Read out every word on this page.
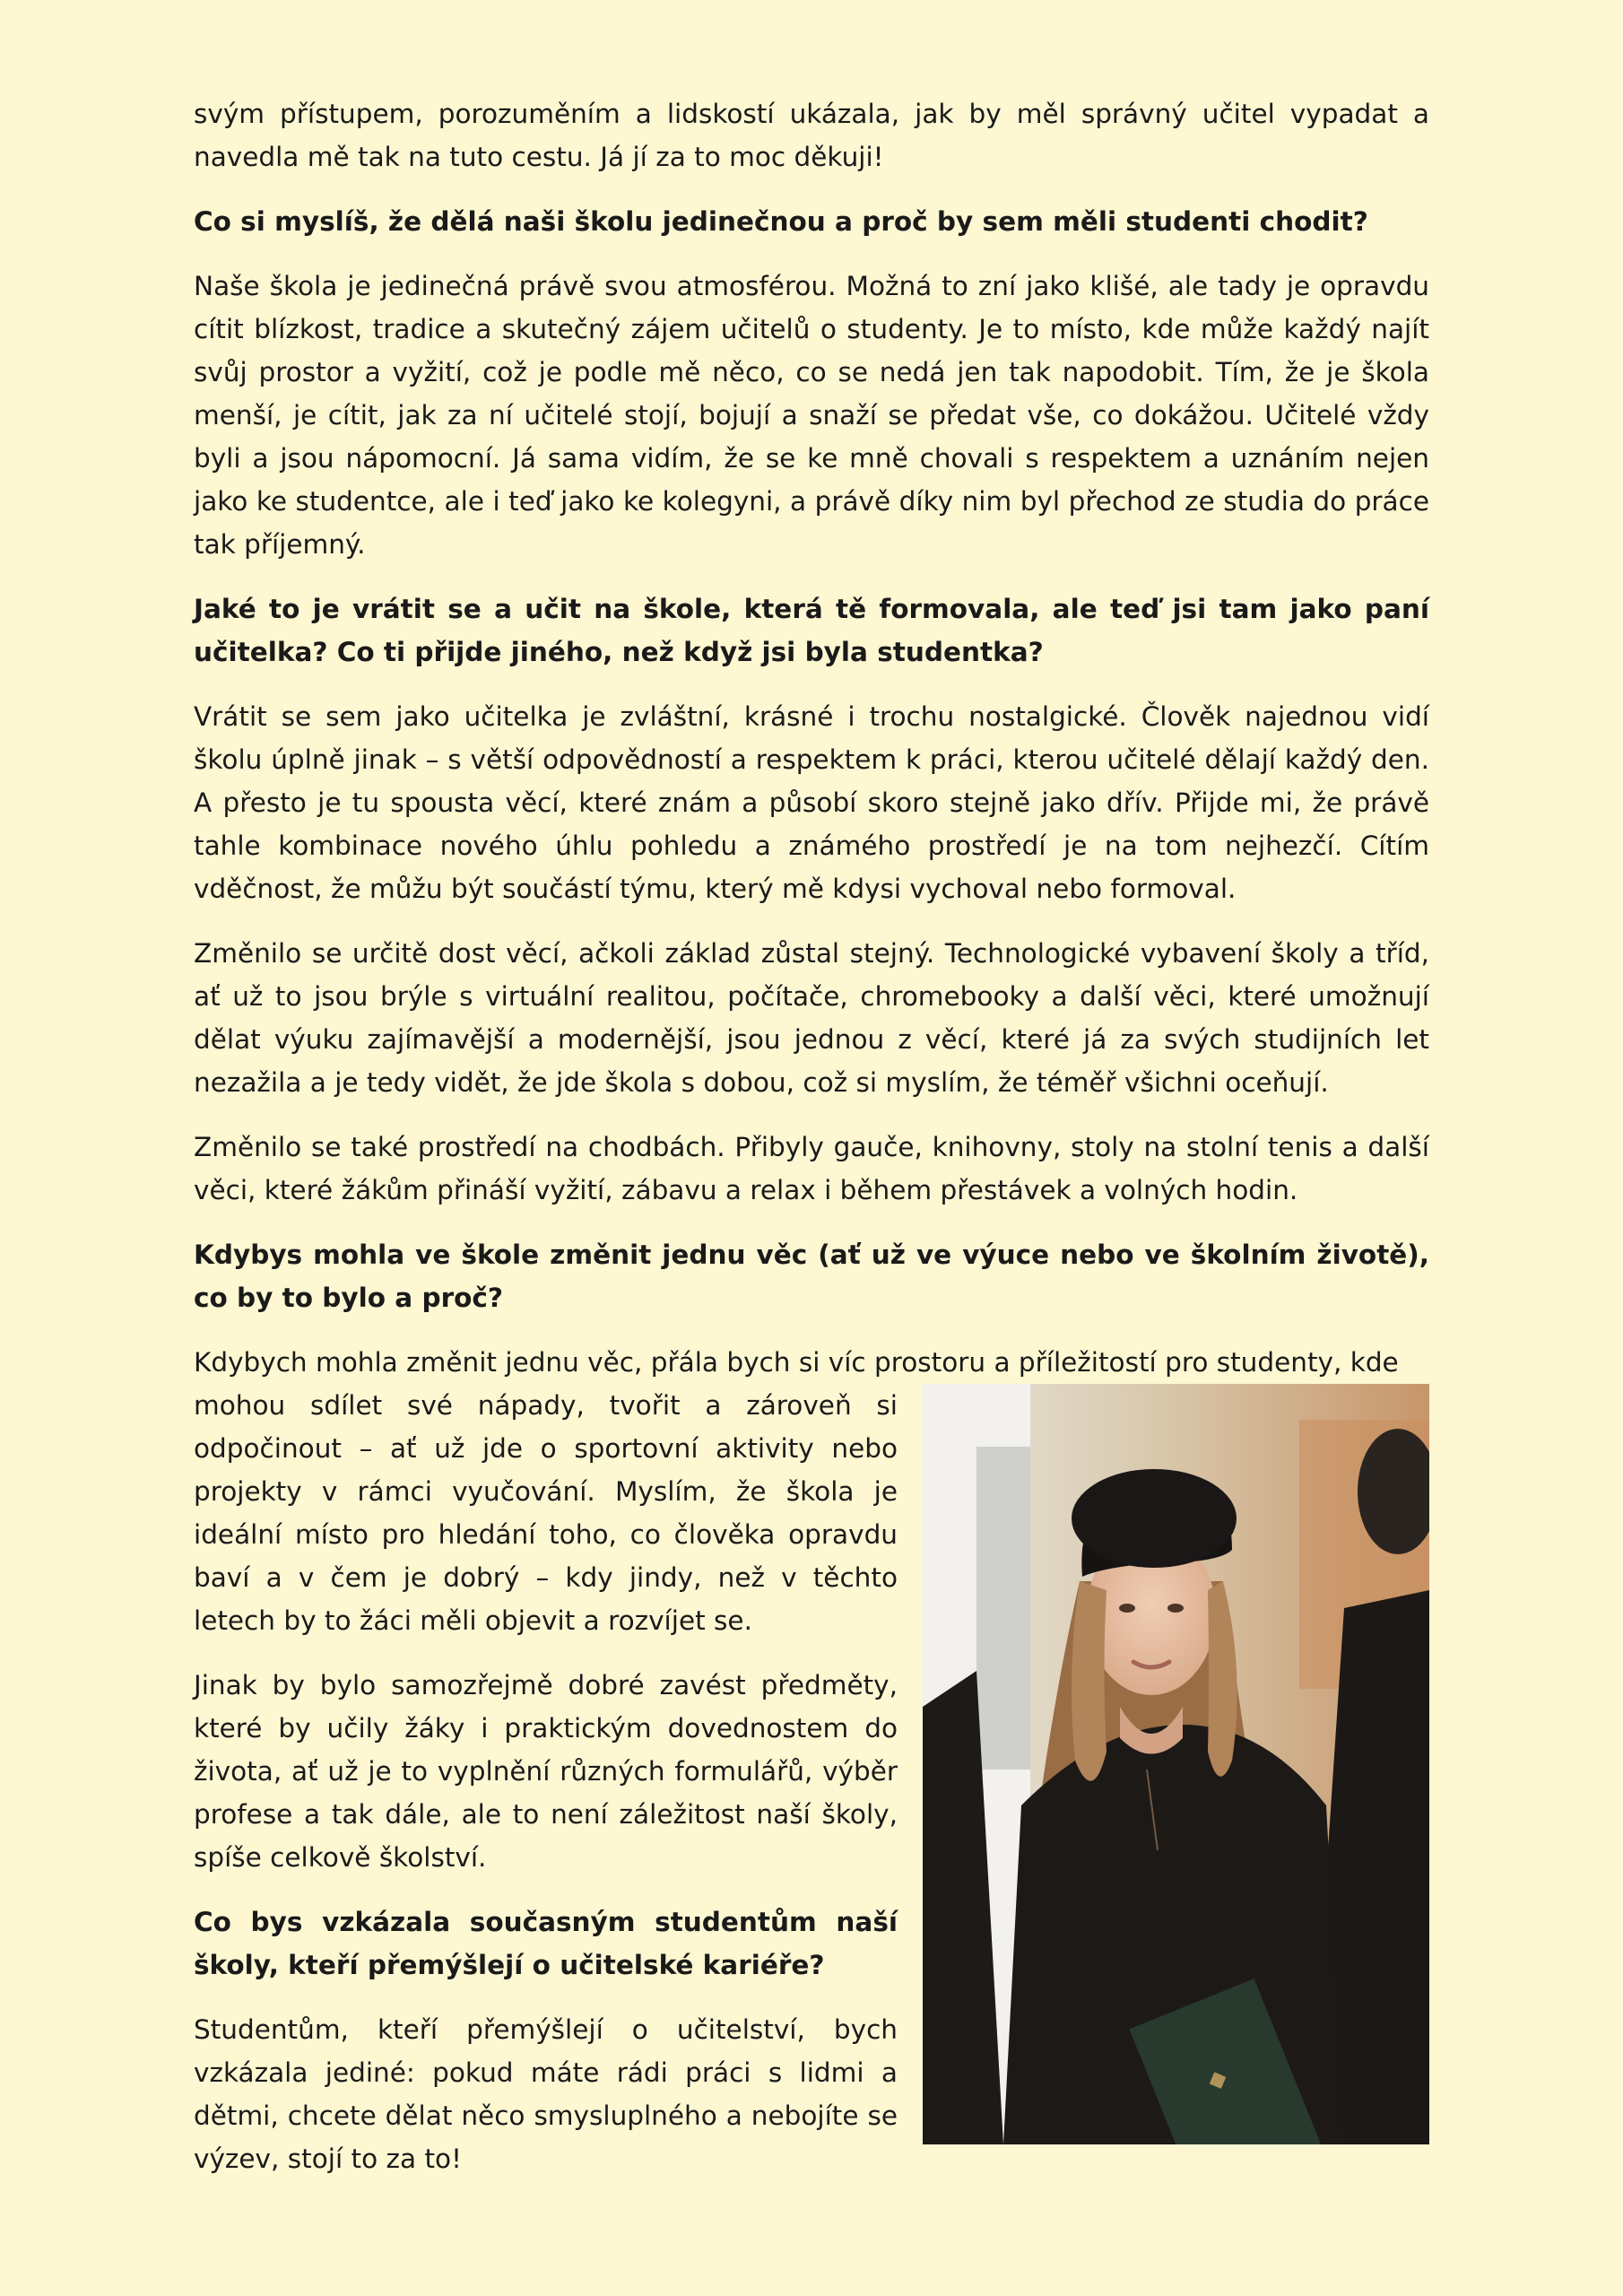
svým přístupem, porozuměním a lidskostí ukázala, jak by měl správný učitel vypadat a navedla mě tak na tuto cestu. Já jí za to moc děkuji!

Co si myslíš, že dělá naši školu jedinečnou a proč by sem měli studenti chodit?

Naše škola je jedinečná právě svou atmosférou. Možná to zní jako klišé, ale tady je opravdu cítit blízkost, tradice a skutečný zájem učitelů o studenty. Je to místo, kde může každý najít svůj prostor a vyžití, což je podle mě něco, co se nedá jen tak napodobit. Tím, že je škola menší, je cítit, jak za ní učitelé stojí, bojují a snaží se předat vše, co dokážou. Učitelé vždy byli a jsou nápomocní. Já sama vidím, že se ke mně chovali s respektem a uznáním nejen jako ke studentce, ale i teď jako ke kolegyni, a právě díky nim byl přechod ze studia do práce tak příjemný.

Jaké to je vrátit se a učit na škole, která tě formovala, ale teď jsi tam jako paní učitelka? Co ti přijde jiného, než když jsi byla studentka?

Vrátit se sem jako učitelka je zvláštní, krásné i trochu nostalgické. Člověk najednou vidí školu úplně jinak – s větší odpovědností a respektem k práci, kterou učitelé dělají každý den. A přesto je tu spousta věcí, které znám a působí skoro stejně jako dřív. Přijde mi, že právě tahle kombinace nového úhlu pohledu a známého prostředí je na tom nejhezčí. Cítím vděčnost, že můžu být součástí týmu, který mě kdysi vychoval nebo formoval.

Změnilo se určitě dost věcí, ačkoli základ zůstal stejný. Technologické vybavení školy a tříd, ať už to jsou brýle s virtuální realitou, počítače, chromebooky a další věci, které umožnují dělat výuku zajímavější a modernější, jsou jednou z věcí, které já za svých studijních let nezažila a je tedy vidět, že jde škola s dobou, což si myslím, že téměř všichni oceňují.

Změnilo se také prostředí na chodbách. Přibyly gauče, knihovny, stoly na stolní tenis a další věci, které žákům přináší vyžití, zábavu a relax i během přestávek a volných hodin.

Kdybys mohla ve škole změnit jednu věc (ať už ve výuce nebo ve školním životě), co by to bylo a proč?

Kdybych mohla změnit jednu věc, přála bych si víc prostoru a příležitostí pro studenty, kde

mohou sdílet své nápady, tvořit a zároveň si odpočinout – ať už jde o sportovní aktivity nebo projekty v rámci vyučování. Myslím, že škola je ideální místo pro hledání toho, co člověka opravdu baví a v čem je dobrý – kdy jindy, než v těchto letech by to žáci měli objevit a rozvíjet se.

Jinak by bylo samozřejmě dobré zavést předměty, které by učily žáky i praktickým dovednostem do života, ať už je to vyplnění různých formulářů, výběr profese a tak dále, ale to není záležitost naší školy, spíše celkově školství.

Co bys vzkázala současným studentům naší školy, kteří přemýšlejí o učitelské kariéře?

Studentům, kteří přemýšlejí o učitelství, bych vzkázala jediné: pokud máte rádi práci s lidmi a dětmi, chcete dělat něco smysluplného a nebojíte se výzev, stojí to za to!
